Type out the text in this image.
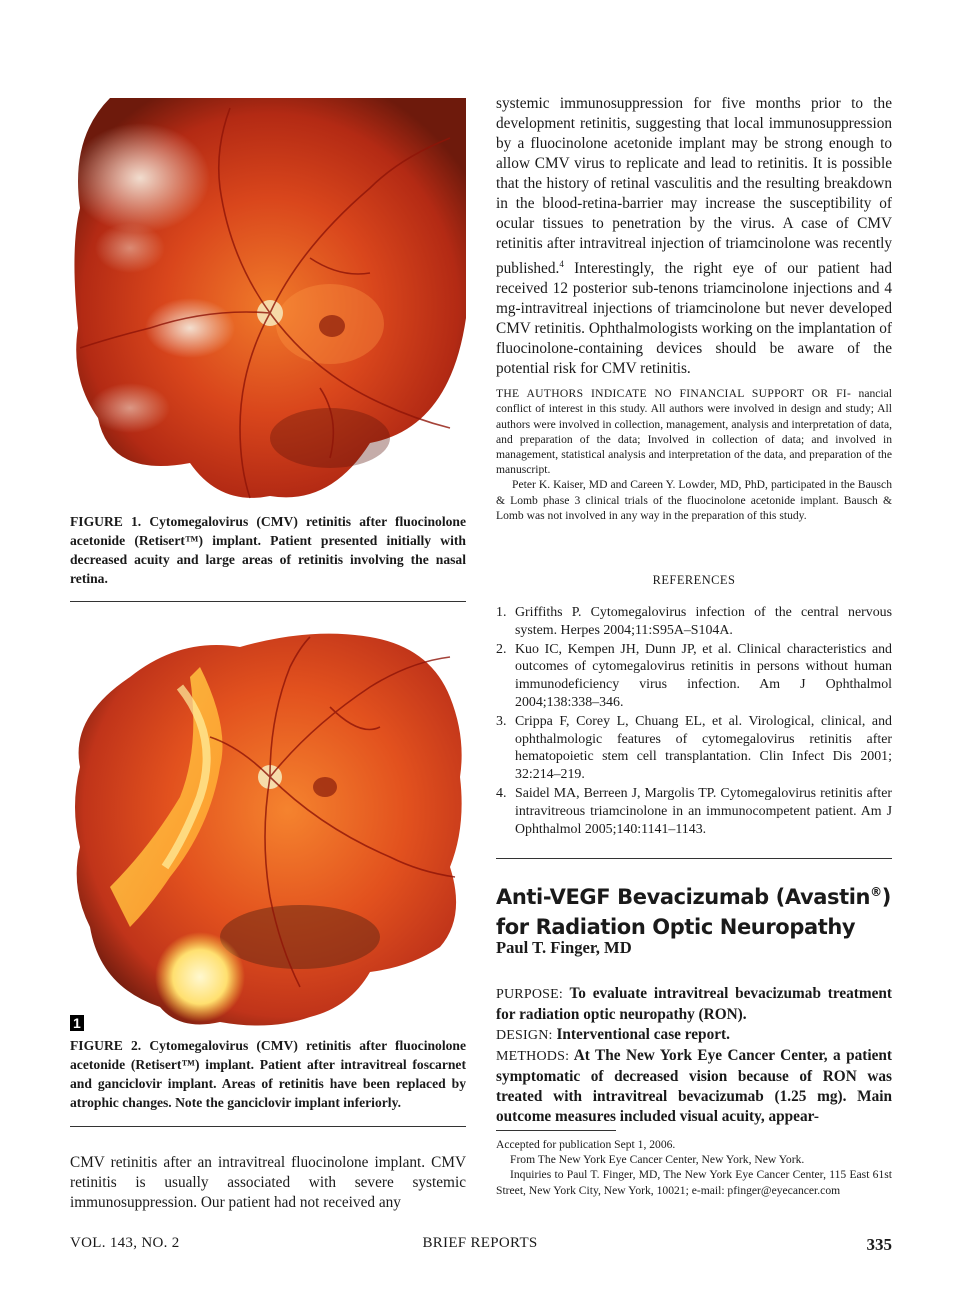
FIGURE 1. Cytomegalovirus (CMV) retinitis after fluocinolone acetonide (Retisert™) implant. Patient presented initially with decreased acuity and large areas of retinitis involving the nasal retina.
1
FIGURE 2. Cytomegalovirus (CMV) retinitis after fluocinolone acetonide (Retisert™) implant. Patient after intravitreal foscarnet and ganciclovir implant. Areas of retinitis have been replaced by atrophic changes. Note the ganciclovir implant inferiorly.
CMV retinitis after an intravitreal fluocinolone implant. CMV retinitis is usually associated with severe systemic immunosuppression. Our patient had not received any

systemic immunosuppression for five months prior to the development retinitis, suggesting that local immunosuppression by a fluocinolone acetonide implant may be strong enough to allow CMV virus to replicate and lead to retinitis. It is possible that the history of retinal vasculitis and the resulting breakdown in the blood-retina-barrier may increase the susceptibility of ocular tissues to penetration by the virus. A case of CMV retinitis after intravitreal injection of triamcinolone was recently published.$^4$ Interestingly, the right eye of our patient had received 12 posterior sub-tenons triamcinolone injections and 4 mg-intravitreal injections of triamcinolone but never developed CMV retinitis. Ophthalmologists working on the implantation of fluocinolone-containing devices should be aware of the potential risk for CMV retinitis.

THE AUTHORS INDICATE NO FINANCIAL SUPPORT OR FI- nancial conflict of interest in this study. All authors were involved in design and study; All authors were involved in collection, management, analysis and interpretation of data, and preparation of the data; Involved in collection of data; and involved in management, statistical analysis and interpretation of the data, and preparation of the manuscript.
Peter K. Kaiser, MD and Careen Y. Lowder, MD, PhD, participated in the Bausch & Lomb phase 3 clinical trials of the fluocinolone acetonide implant. Bausch & Lomb was not involved in any way in the preparation of this study.

REFERENCES
1. Griffiths P. Cytomegalovirus infection of the central nervous system. Herpes 2004;11:S95A–S104A.
2. Kuo IC, Kempen JH, Dunn JP, et al. Clinical characteristics and outcomes of cytomegalovirus retinitis in persons without human immunodeficiency virus infection. Am J Ophthalmol 2004;138:338–346.
3. Crippa F, Corey L, Chuang EL, et al. Virological, clinical, and ophthalmologic features of cytomegalovirus retinitis after hematopoietic stem cell transplantation. Clin Infect Dis 2001; 32:214–219.
4. Saidel MA, Berreen J, Margolis TP. Cytomegalovirus retinitis after intravitreous triamcinolone in an immunocompetent patient. Am J Ophthalmol 2005;140:1141–1143.
Anti-VEGF Bevacizumab (Avastin®)
for Radiation Optic Neuropathy
Paul T. Finger, MD

PURPOSE: To evaluate intravitreal bevacizumab treatment for radiation optic neuropathy (RON).

DESIGN: Interventional case report.

METHODS: At The New York Eye Cancer Center, a patient symptomatic of decreased vision because of RON was treated with intravitreal bevacizumab (1.25 mg). Main outcome measures included visual acuity, appear-

Accepted for publication Sept 1, 2006.

From The New York Eye Cancer Center, New York, New York.

Inquiries to Paul T. Finger, MD, The New York Eye Cancer Center, 115 East 61st Street, New York City, New York, 10021; e-mail: pfinger@eyecancer.com

VOL. 143, NO. 2	BRIEF REPORTS	335
